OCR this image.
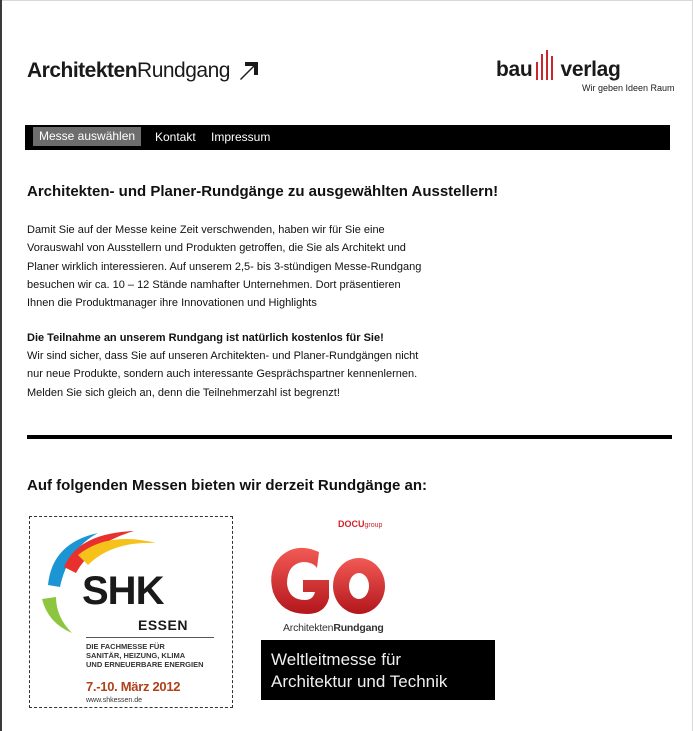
ArchitektenRundgang	bau verlag
Wir geben Ideen Raum
Messe auswählen	Kontakt Impressum
Architekten- und Planer-Rundgänge zu ausgewählten Ausstellern!

Damit Sie auf der Messe keine Zeit verschwenden, haben wir für Sie eine

Vorauswahl von Ausstellern und Produkten getroffen, die Sie als Architekt und

Planer wirklich interessieren. Auf unserem 2,5- bis 3-stündigen Messe-Rundgang

besuchen wir ca. 10 – 12 Stände namhafter Unternehmen. Dort präsentieren

Ihnen die Produktmanager ihre Innovationen und Highlights

Die Teilnahme an unserem Rundgang ist natürlich kostenlos für Sie!

Wir sind sicher, dass Sie auf unseren Architekten- und Planer-Rundgängen nicht

nur neue Produkte, sondern auch interessante Gesprächspartner kennenlernen.

Melden Sie sich gleich an, denn die Teilnehmerzahl ist begrenzt!

Auf folgenden Messen bieten wir derzeit Rundgänge an:
SHK
ESSEN
DIE FACHMESSE FÜR
SANITÄR, HEIZUNG, KLIMA
UND ERNEUERBARE ENERGIEN
7.-10. März 2012
www.shkessen.de
DOCUgroup
ArchitektenRundgang

Weltleitmesse für

Architektur und Technik
